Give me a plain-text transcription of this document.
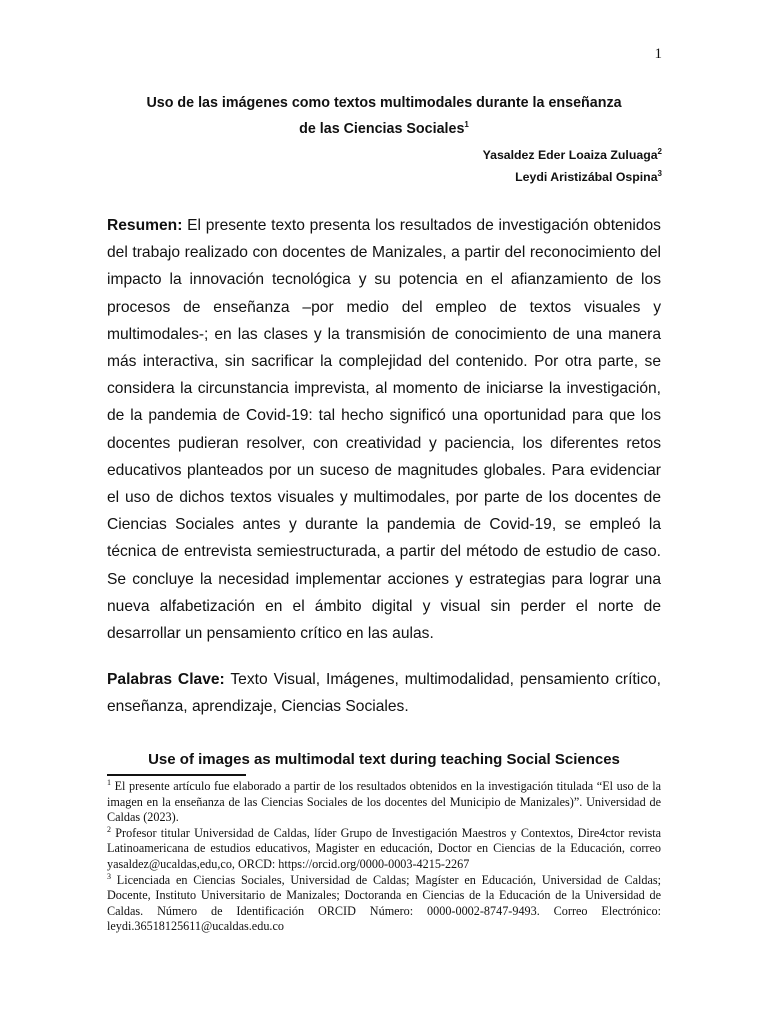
1
Uso de las imágenes como textos multimodales durante la enseñanza
de las Ciencias Sociales$^1$
Yasaldez Eder Loaiza Zuluaga$^2$
Leydi Aristizábal Ospina$^3$

Resumen: El presente texto presenta los resultados de investigación obtenidos del trabajo realizado con docentes de Manizales, a partir del reconocimiento del impacto la innovación tecnológica y su potencia en el afianzamiento de los procesos de enseñanza –por medio del empleo de textos visuales y multimodales-; en las clases y la transmisión de conocimiento de una manera más interactiva, sin sacrificar la complejidad del contenido. Por otra parte, se considera la circunstancia imprevista, al momento de iniciarse la investigación, de la pandemia de Covid-19: tal hecho significó una oportunidad para que los docentes pudieran resolver, con creatividad y paciencia, los diferentes retos educativos planteados por un suceso de magnitudes globales. Para evidenciar el uso de dichos textos visuales y multimodales, por parte de los docentes de Ciencias Sociales antes y durante la pandemia de Covid-19, se empleó la técnica de entrevista semiestructurada, a partir del método de estudio de caso. Se concluye la necesidad implementar acciones y estrategias para lograr una nueva alfabetización en el ámbito digital y visual sin perder el norte de desarrollar un pensamiento crítico en las aulas.

Palabras Clave: Texto Visual, Imágenes, multimodalidad, pensamiento crítico, enseñanza, aprendizaje, Ciencias Sociales.

Use of images as multimodal text during teaching Social Sciences

$^1$ El presente artículo fue elaborado a partir de los resultados obtenidos en la investigación titulada “El uso de la imagen en la enseñanza de las Ciencias Sociales de los docentes del Municipio de Manizales)”. Universidad de Caldas (2023).

$^2$ Profesor titular Universidad de Caldas, líder Grupo de Investigación Maestros y Contextos, Dire4ctor revista Latinoamericana de estudios educativos, Magister en educación, Doctor en Ciencias de la Educación, correo yasaldez@ucaldas,edu,co, ORCD: https://orcid.org/0000-0003-4215-2267

$^3$ Licenciada en Ciencias Sociales, Universidad de Caldas; Magíster en Educación, Universidad de Caldas; Docente, Instituto Universitario de Manizales; Doctoranda en Ciencias de la Educación de la Universidad de Caldas. Número de Identificación ORCID Número: 0000-0002-8747-9493. Correo Electrónico: leydi.36518125611@ucaldas.edu.co
